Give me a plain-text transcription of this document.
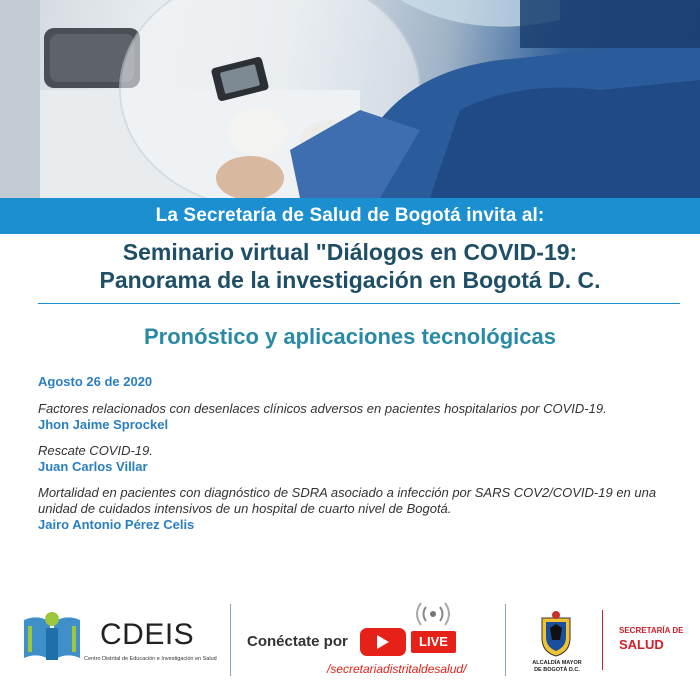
La Secretaría de Salud de Bogotá invita al:
Seminario virtual "Diálogos en COVID-19:
Panorama de la investigación en Bogotá D. C.
Pronóstico y aplicaciones tecnológicas
Agosto 26 de 2020
Factores relacionados con desenlaces clínicos adversos en pacientes hospitalarios por COVID-19.
Jhon Jaime Sprockel
Rescate COVID-19.
Juan Carlos Villar
Mortalidad en pacientes con diagnóstico de SDRA asociado a infección por SARS COV2/COVID-19 en una unidad de cuidados intensivos de un hospital de cuarto nivel de Bogotá.
Jairo Antonio Pérez Celis
CDEIS
Centro Distrital de Educación e Investigación en Salud
Conéctate por	LIVE
/secretariadistritaldesalud/	ALCALDÍA MAYOR
DE BOGOTÁ D.C.
SECRETARÍA DE
SALUD
